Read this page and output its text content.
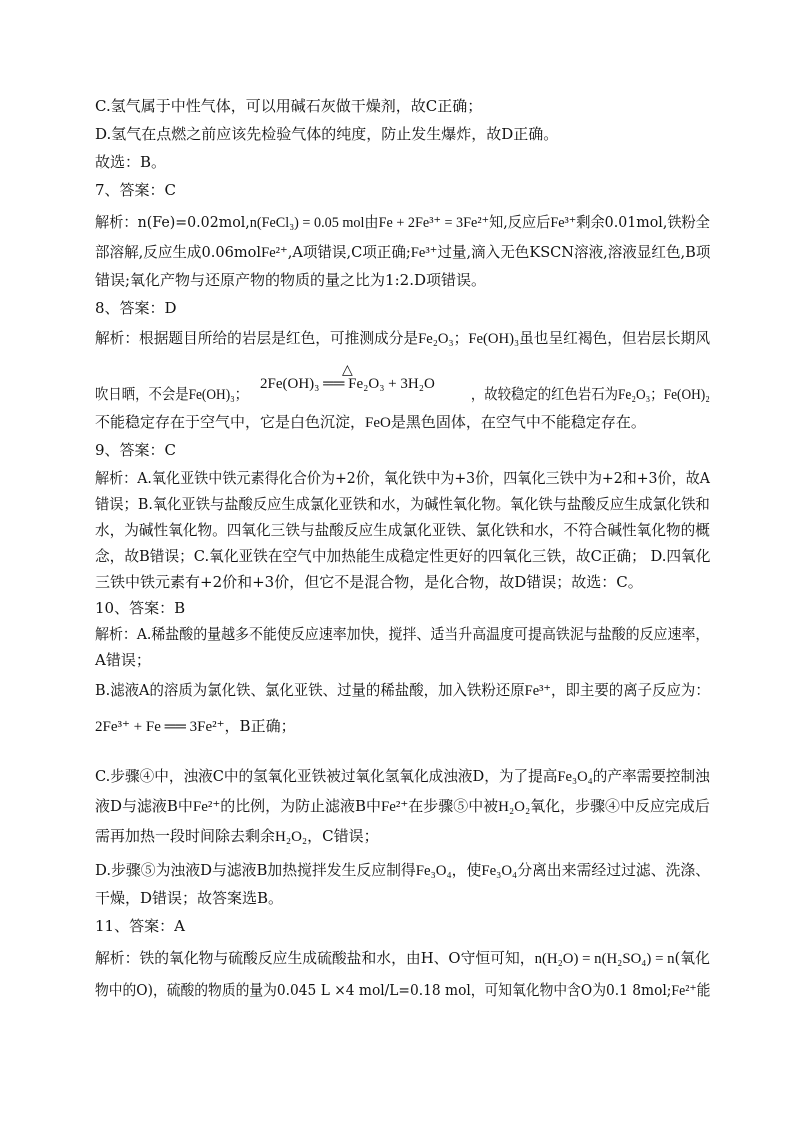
C.氢气属于中性气体，可以用碱石灰做干燥剂，故C正确；
D.氢气在点燃之前应该先检验气体的纯度，防止发生爆炸，故D正确。
故选：B。
7、答案：C
解析：n(Fe)=0.02mol,n(FeCl₃) = 0.05 mol由Fe + 2Fe³⁺ = 3Fe²⁺知,反应后Fe³⁺剩余0.01mol,铁粉全
部溶解,反应生成0.06molFe²⁺,A项错误,C项正确;Fe³⁺过量,滴入无色KSCN溶液,溶液显红色,B项
错误;氧化产物与还原产物的物质的量之比为1:2.D项错误。
8、答案：D
解析：根据题目所给的岩层是红色，可推测成分是Fe₂O₃；Fe(OH)₃虽也呈红褐色，但岩层长期风
△
2Fe(OH)₃ ══ Fe₂O₃ + 3H₂O
吹日晒，不会是Fe(OH)₃；	，故较稳定的红色岩石为Fe₂O₃；Fe(OH)₂
不能稳定存在于空气中，它是白色沉淀，FeO是黑色固体，在空气中不能稳定存在。
9、答案：C
解析：A.氧化亚铁中铁元素得化合价为+2价，氧化铁中为+3价，四氧化三铁中为+2和+3价，故A
错误；B.氧化亚铁与盐酸反应生成氯化亚铁和水，为碱性氧化物。氧化铁与盐酸反应生成氯化铁和
水，为碱性氧化物。四氧化三铁与盐酸反应生成氯化亚铁、氯化铁和水，不符合碱性氧化物的概
念，故B错误；C.氧化亚铁在空气中加热能生成稳定性更好的四氧化三铁，故C正确； D.四氧化
三铁中铁元素有+2价和+3价，但它不是混合物，是化合物，故D错误；故选：C。
10、答案：B
解析：A.稀盐酸的量越多不能使反应速率加快，搅拌、适当升高温度可提高铁泥与盐酸的反应速率，
A错误；
B.滤液A的溶质为氯化铁、氯化亚铁、过量的稀盐酸，加入铁粉还原Fe³⁺，即主要的离子反应为：
2Fe³⁺ + Fe ══ 3Fe²⁺，B正确；
C.步骤④中，浊液C中的氢氧化亚铁被过氧化氢氧化成浊液D，为了提高Fe₃O₄的产率需要控制浊
液D与滤液B中Fe²⁺的比例，为防止滤液B中Fe²⁺在步骤⑤中被H₂O₂氧化，步骤④中反应完成后
需再加热一段时间除去剩余H₂O₂，C错误；
D.步骤⑤为浊液D与滤液B加热搅拌发生反应制得Fe₃O₄，使Fe₃O₄分离出来需经过过滤、洗涤、
干燥，D错误；故答案选B。
11、答案：A
解析：铁的氧化物与硫酸反应生成硫酸盐和水，由H、O守恒可知，n(H₂O) = n(H₂SO₄) = n(氧化
物中的O)，硫酸的物质的量为0.045 L ×4 mol/L=0.18 mol，可知氧化物中含O为0.1 8mol;Fe²⁺能
